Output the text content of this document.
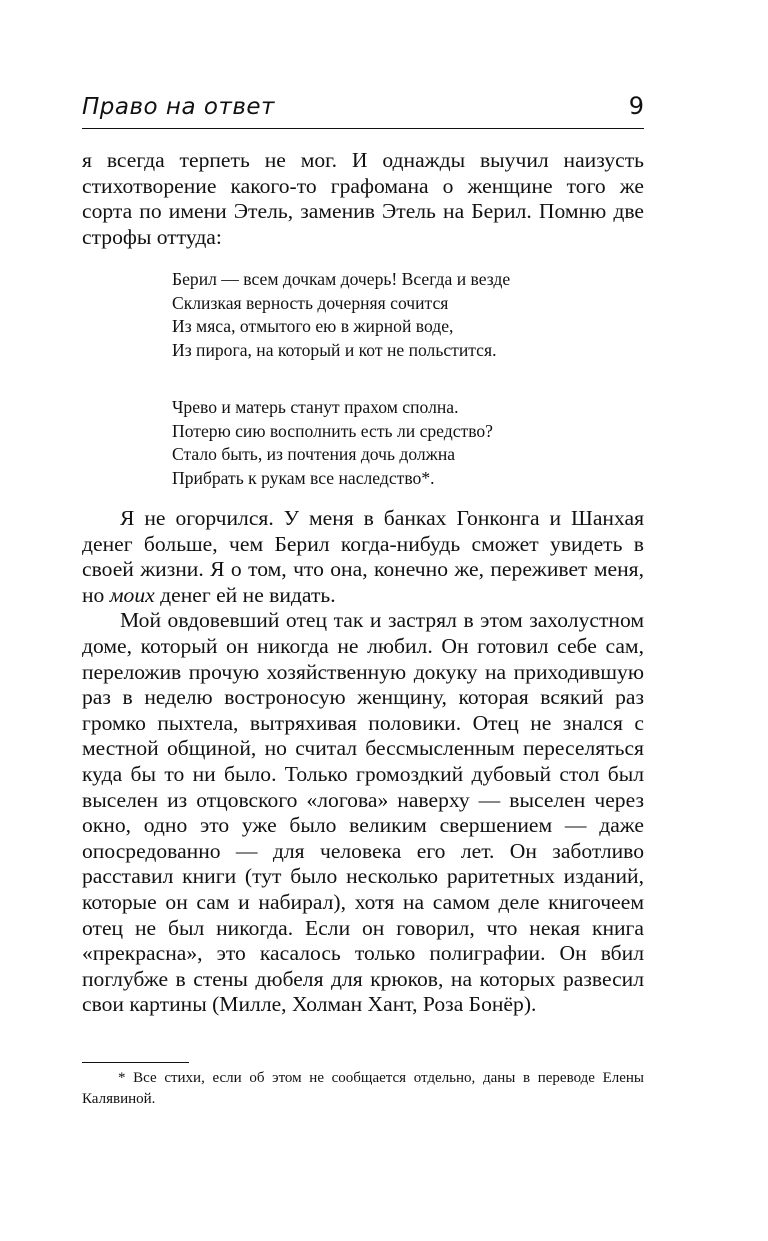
Право на ответ	9

я всегда терпеть не мог. И однажды выучил наизусть стихотворение какого-то графомана о женщине того же сорта по имени Этель, заменив Этель на Берил. Помню две строфы оттуда:

Берил — всем дочкам дочерь! Всегда и везде
Склизкая верность дочерняя сочится
Из мяса, отмытого ею в жирной воде,
Из пирога, на который и кот не польстится.
Чрево и матерь станут прахом сполна.
Потерю сию восполнить есть ли средство?
Стало быть, из почтения дочь должна
Прибрать к рукам все наследство*.

Я не огорчился. У меня в банках Гонконга и Шанхая денег больше, чем Берил когда-нибудь сможет увидеть в своей жизни. Я о том, что она, конечно же, переживет меня, но моих денег ей не видать.

Мой овдовевший отец так и застрял в этом захолустном доме, который он никогда не любил. Он готовил себе сам, переложив прочую хозяйственную докуку на приходившую раз в неделю востроносую женщину, которая всякий раз громко пыхтела, вытряхивая половики. Отец не знался с местной общиной, но считал бессмысленным переселяться куда бы то ни было. Только громоздкий дубовый стол был выселен из отцовского «логова» наверху — выселен через окно, одно это уже было великим свершением — даже опосредованно — для человека его лет. Он заботливо расставил книги (тут было несколько раритетных изданий, которые он сам и набирал), хотя на самом деле книгочеем отец не был никогда. Если он говорил, что некая книга «прекрасна», это касалось только полиграфии. Он вбил поглубже в стены дюбеля для крюков, на которых развесил свои картины (Милле, Холман Хант, Роза Бонёр).

* Все стихи, если об этом не сообщается отдельно, даны в переводе Елены Калявиной.
